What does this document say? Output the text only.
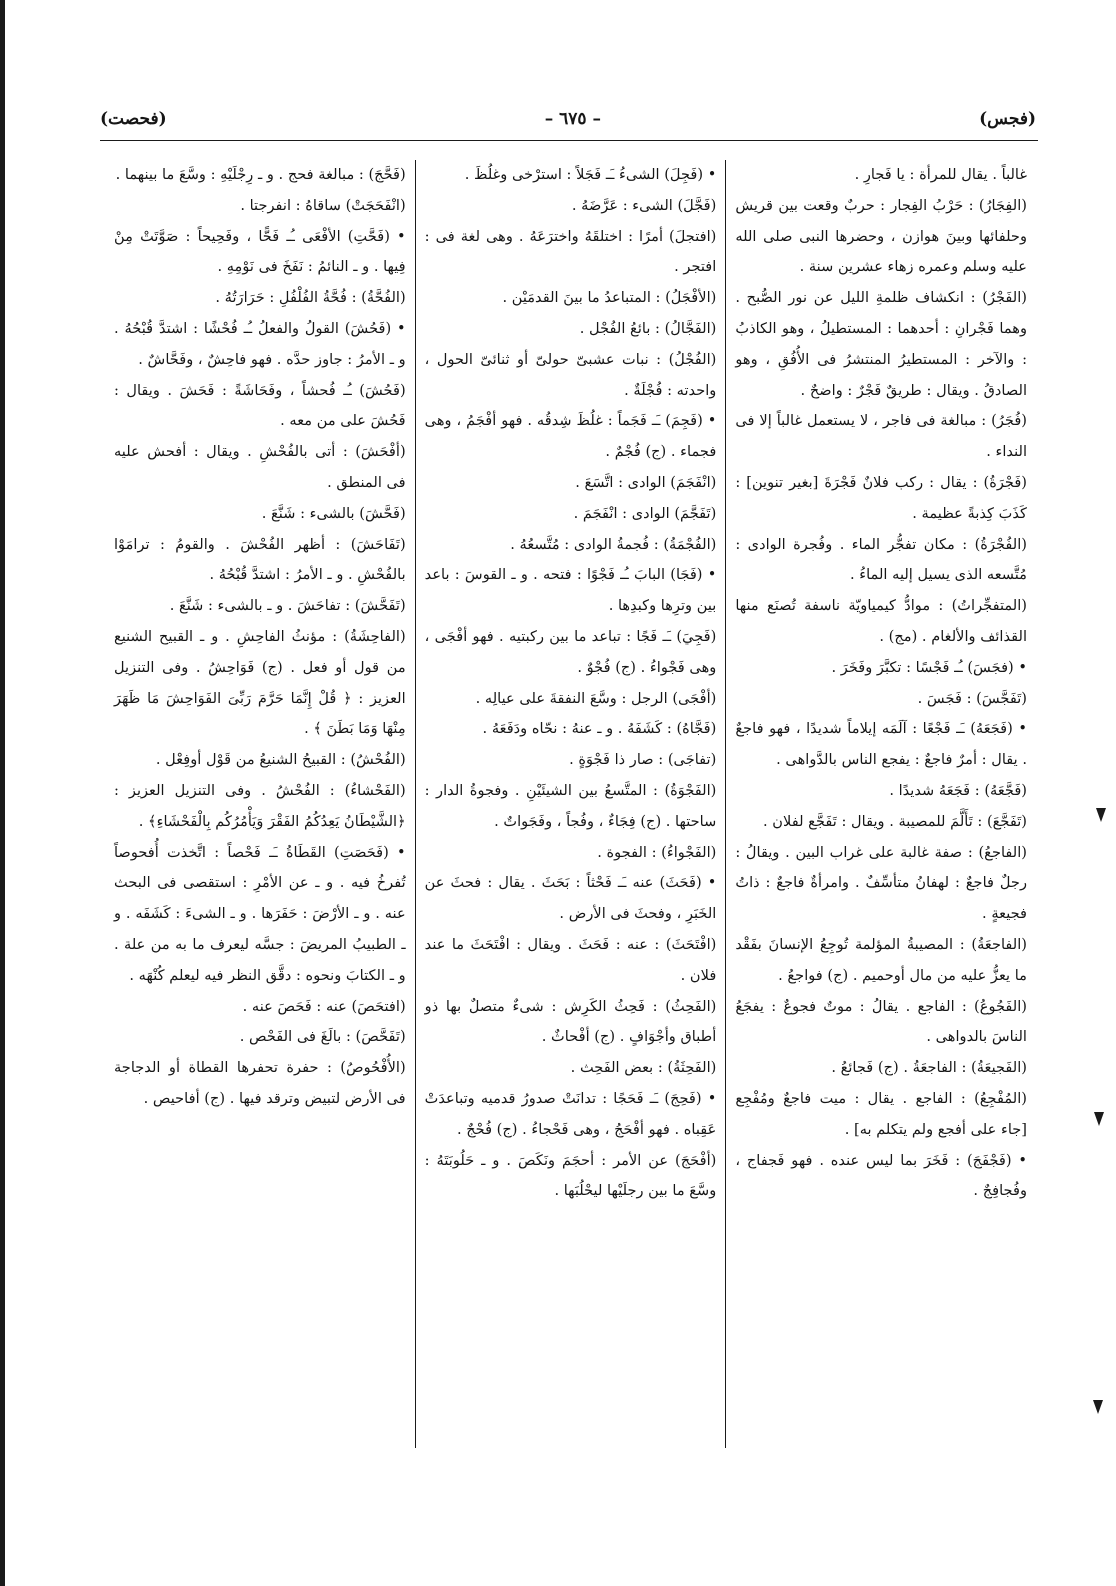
(فجس)
– ٦٧٥ –
(فحصت)

غالباً . يقال للمرأة : يا فَجارِ .

(الفِجَارُ) : حَرْبُ الفِجار : حربٌ وقعت بين قريش وحلفائها وبينَ هوازن ، وحضرها النبى صلى الله عليه وسلم وعمره زهاء عشرين سنة .

(الفَجْرُ) : انكشاف ظلمةِ الليل عن نور الصُّبح . وهما فَجْرانِ : أحدهما : المستطيلُ ، وهو الكاذبُ : والآخر : المستطيرُ المنتشرُ فى الأُفُقِ ، وهو الصادقُ . ويقال : طريقٌ فَجْرٌ : واضحٌ .

(فُجَرُ) : مبالغة فى فاجر ، لا يستعمل غالباً إلا فى النداء .

(فَجْرَةُ) : يقال : ركب فلانٌ فَجْرَةَ [بغير تنوين] : كَذَبَ كِذبةً عظيمة .

(الفُجْرَةُ) : مكان تفجُّر الماء . وفُجرة الوادى : مُتَّسعه الذى يسيل إليه الماءُ .

(المتفجِّراتُ) : موادُّ كيمياويّة ناسفة تُصنَع منها القذائف والألغام . (مج) .

• (فجَسَ) ـُـ فَجْسًا : تكبَّرَ وفَخَرَ .

(تَفَجَّسَ) : فَجَسَ .

• (فَجَعَهُ) ـَـ فَجْعًا : آلَمَه إيلاماً شديدًا ، فهو فاجعٌ . يقال : أمرٌ فاجعٌ : يفجع الناس بالدَّواهى .

(فَجَّعَهُ) : فَجَعَهُ شديدًا .

(تَفَجَّعَ) : تَأَلَّمَ للمصيبة . ويقال : تَفَجَّع لفلان .

(الفاجعُ) : صفة غالبة على غراب البين . ويقالُ : رجلٌ فاجعٌ : لهفانُ متأسِّفٌ . وامرأةٌ فاجعٌ : ذاتُ فجيعةٍ .

(الفاجعَةُ) : المصيبةُ المؤلمة تُوجِعُ الإنسانَ بفَقْد ما يعزُّ عليه من مال أوحميم . (ج) فواجعُ .

(الفَجُوعُ) : الفاجع . يقالُ : موتٌ فجوعٌ : يفجَعُ الناسَ بالدواهى .

(الفَجيعَةُ) : الفاجعَةُ . (ج) فَجائعُ .

(المُفْجِعُ) : الفاجع . يقال : ميت فاجعٌ ومُفْجِع [جاء على أفجع ولم يتكلم به] .

• (فَجْفَجَ) : فَخَرَ بما ليس عنده . فهو فَجفاج ، وفُجافِجٌ .

• (فَجِلَ) الشىءُ ـَـ فَجَلاً : استرْخى وغلُظَ .

(فَجَّلَ) الشىء : عَرَّضَهُ .

(افتجلَ) أمرًا : اختلقَهُ واخترَعَهُ . وهى لغة فى : افتجر .

(الأفْجَلُ) : المتباعدُ ما بينَ القدمَيْن .

(الفَجَّالُ) : بائعُ الفُجْل .

(الفُجْلُ) : نبات عشبىّ حولىّ أو ثنائىّ الحول ، واحدته : فُجْلَةٌ .

• (فَجِمَ) ـَـ فَجَماً : غلُظَ شِدقُه . فهو أفْجَمُ ، وهى فجماء . (ج) فُجْمٌ .

(انْفَجَمَ) الوادى : اتَّسَعَ .

(تَفَجَّمَ) الوادى : انْفَجَمَ .

(الفُجْمَةُ) : فُجمةُ الوادى : مُتَّسعُهُ .

• (فَجَا) البابَ ـُـ فَجْوًا : فتحه . و ـ القوسَ : باعد بين وترِها وكبدِها .

(فَجِيَ) ـَـ فَجًا : تباعد ما بين ركبتيه . فهو أفْجَى ، وهى فَجْواءُ . (ج) فُجْوٌ .

(أفْجَى) الرجل : وسَّعَ النفقةَ على عيالِه .

(فَجَّاهُ) : كَشَفَهُ . و ـ عنهُ : نحّاه ودَفَعَهُ .

(تفاجَى) : صار ذا فَجْوَةٍ .

(الفَجْوَةُ) : المتَّسعُ بين الشيئَيْنِ . وفجوةُ الدار : ساحتها . (ج) فِجَاءٌ ، وفُجاً ، وفَجَواتٌ .

(الفَجْواءُ) : الفجوة .

• (فَحَثَ) عنه ـَـ فَحْثاً : بَحَثَ . يقال : فحثَ عن الخَبَرِ ، وفحثَ فى الأرض .

(افْتَحَثَ) : عنه : فَحَثَ . ويقال : افْتَحَثَ ما عند فلان .

(الفَحِثُ) : فَحِثُ الكَرِش : شىءٌ متصلٌ بها ذو أطباق وأجْوَافٍ . (ج) أفْحاثٌ .

(الفَحِثَةُ) : بعض الفَحِث .

• (فَحِجَ) ـَـ فَحَجًا : تدانَتْ صدورُ قدميه وتباعدَتْ عَقِباه . فهو أفْحَجُ ، وهى فَحْجاءُ . (ج) فُحْجٌ .

(أفْحَجَ) عن الأمر : أحجَمَ ونَكَصَ . و ـ حَلُوبَتَهُ : وسَّعَ ما بين رجلَيْها ليحْلُبَها .

(فَحَّجَ) : مبالغة فحج . و ـ رِجْلَيْهِ : وسَّعَ ما بينهما .

(انْفَحَجَتْ) ساقاهُ : انفرجتا .

• (فَحَّتِ) الأفْعَى ـُـ فَحًّا ، وفَحِيحاً : صَوَّتَتْ مِنْ فِيها . و ـ النائمُ : نَفَخَ فى نَوْمِهِ .

(الفُحَّةُ) : فُحَّةُ الفُلْفُلِ : حَرَارَتُهُ .

• (فَحُشَ) القولُ والفعلُ ـُـ فُحْشًا : اشتدَّ قُبْحُهُ . و ـ الأمرُ : جاوز حدَّه . فهو فاحِشٌ ، وفَحَّاشٌ .

(فَحُشَ) ـُـ فُحشاً ، وفَحَاشَةً : فَحَشَ . ويقال : فَحُشَ على من معه .

(أفْحَشَ) : أتى بالفُحْشِ . ويقال : أفحش عليه فى المنطق .

(فَحَّشَ) بالشىء : شَنَّعَ .

(تَفَاحَشَ) : أظهر الفُحْشَ . والقومُ : ترامَوْا بالفُحْشِ . و ـ الأمرُ : اشتدَّ قُبْحُهُ .

(تَفَحَّشَ) : تفاحَشَ . و ـ بالشىء : شَنَّعَ .

(الفاحِشَةُ) : مؤنثُ الفاحِشِ . و ـ القبيح الشنيع من قول أو فعل . (ج) فَوَاحِشُ . وفى التنزيل العزيز : ﴿ قُلْ إِنَّمَا حَرَّمَ رَبِّىَ الفَوَاحِشَ مَا ظَهَرَ مِنْهَا وَمَا بَطَنَ ﴾ .

(الفُحْشُ) : القبيحُ الشنيعُ من قَوْل أوفِعْل .

(الفَحْشاءُ) : الفُحْشُ . وفى التنزيل العزيز : ﴿الشَّيْطَانُ يَعِدُكُمُ الفَقْرَ وَيَأْمُرُكُم بِالْفَحْشَاءِ﴾ .

• (فَحَصَتِ) القَطَاةُ ـَـ فَحْصاً : اتَّخذت أُفحوصاً تُفرخُ فيه . و ـ عن الأمْرِ : استقصى فى البحث عنه . و ـ الأرْضَ : حَفَرَها . و ـ الشىءَ : كَشَفَه . و ـ الطبيبُ المريضَ : جسَّه ليعرف ما به من علة . و ـ الكتابَ ونحوه : دقَّق النظر فيه ليعلم كُنْهَه .

(افتحَصَ) عنه : فَحَصَ عنه .

(تَفَحَّصَ) : بالَغَ فى الفَحْص .

(الأُفْحُوصُ) : حفرة تحفرها القطاة أو الدجاجة فى الأرض لتبيض وترقد فيها . (ج) أفاحيص .
